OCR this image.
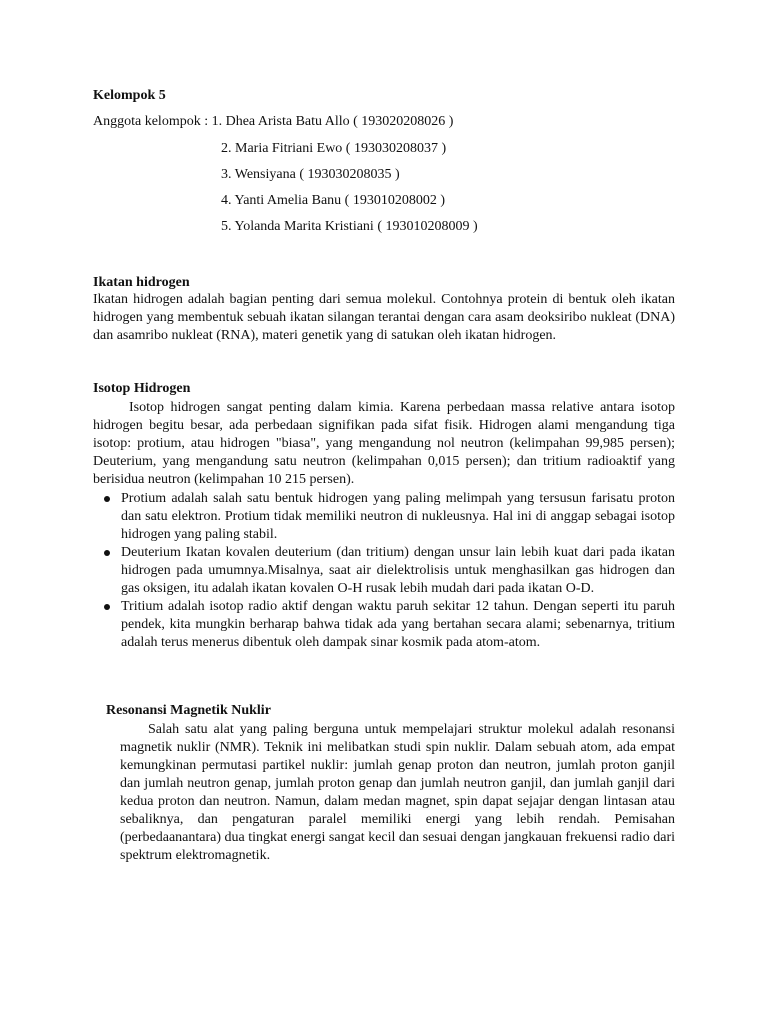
Kelompok 5
Anggota kelompok : 1. Dhea Arista Batu Allo ( 193020208026 )
2. Maria Fitriani Ewo ( 193030208037 )
3. Wensiyana ( 193030208035 )
4. Yanti Amelia Banu ( 193010208002 )
5. Yolanda Marita Kristiani ( 193010208009 )
Ikatan hidrogen

Ikatan hidrogen adalah bagian penting dari semua molekul. Contohnya protein di bentuk oleh ikatan hidrogen yang membentuk sebuah ikatan silangan terantai dengan cara asam deoksiribo nukleat (DNA) dan asamribo nukleat (RNA), materi genetik yang di satukan oleh ikatan hidrogen.

Isotop Hidrogen

Isotop hidrogen sangat penting dalam kimia. Karena perbedaan massa relative antara isotop hidrogen begitu besar, ada perbedaan signifikan pada sifat fisik. Hidrogen alami mengandung tiga isotop: protium, atau hidrogen "biasa", yang mengandung nol neutron (kelimpahan 99,985 persen); Deuterium, yang mengandung satu neutron (kelimpahan 0,015 persen); dan tritium radioaktif yang berisidua neutron (kelimpahan 10 215 persen).

Protium adalah salah satu bentuk hidrogen yang paling melimpah yang tersusun farisatu proton dan satu elektron. Protium tidak memiliki neutron di nukleusnya. Hal ini di anggap sebagai isotop hidrogen yang paling stabil.
Deuterium Ikatan kovalen deuterium (dan tritium) dengan unsur lain lebih kuat dari pada ikatan hidrogen pada umumnya.Misalnya, saat air dielektrolisis untuk menghasilkan gas hidrogen dan gas oksigen, itu adalah ikatan kovalen O-H rusak lebih mudah dari pada ikatan O-D.
Tritium adalah isotop radio aktif dengan waktu paruh sekitar 12 tahun. Dengan seperti itu paruh pendek, kita mungkin berharap bahwa tidak ada yang bertahan secara alami; sebenarnya, tritium adalah terus menerus dibentuk oleh dampak sinar kosmik pada atom-atom.
Resonansi Magnetik Nuklir

Salah satu alat yang paling berguna untuk mempelajari struktur molekul adalah resonansi magnetik nuklir (NMR). Teknik ini melibatkan studi spin nuklir. Dalam sebuah atom, ada empat kemungkinan permutasi partikel nuklir: jumlah genap proton dan neutron, jumlah proton ganjil dan jumlah neutron genap, jumlah proton genap dan jumlah neutron ganjil, dan jumlah ganjil dari kedua proton dan neutron. Namun, dalam medan magnet, spin dapat sejajar dengan lintasan atau sebaliknya, dan pengaturan paralel memiliki energi yang lebih rendah. Pemisahan (perbedaanantara) dua tingkat energi sangat kecil dan sesuai dengan jangkauan frekuensi radio dari spektrum elektromagnetik.
